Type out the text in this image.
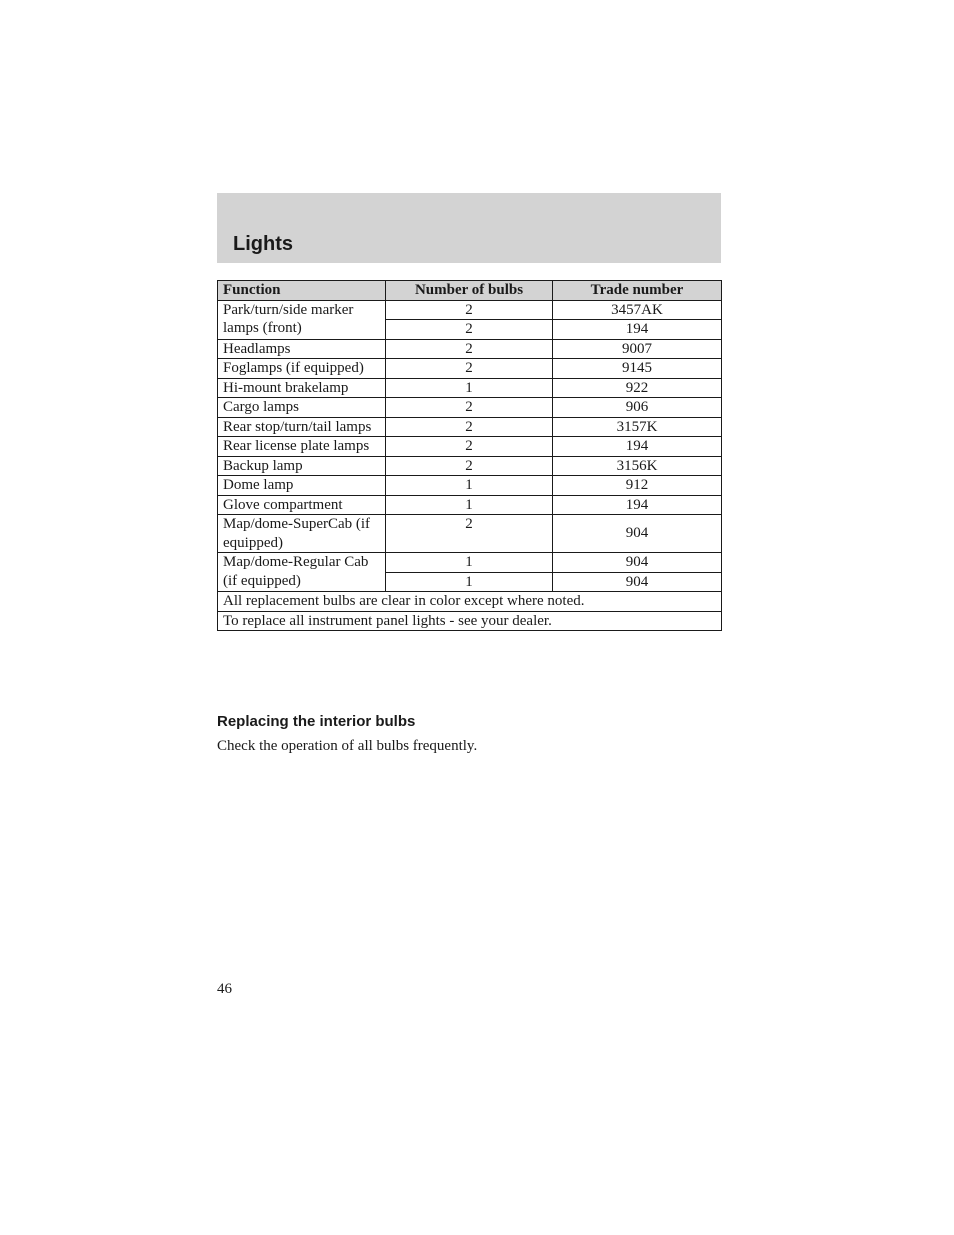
Lights
Function	Number of bulbs	Trade number
Park/turn/side marker lamps (front)	2	3457AK
	2	194
Headlamps	2	9007
Foglamps (if equipped)	2	9145
Hi-mount brakelamp	1	922
Cargo lamps	2	906
Rear stop/turn/tail lamps	2	3157K
Rear license plate lamps	2	194
Backup lamp	2	3156K
Dome lamp	1	912
Glove compartment	1	194
Map/dome-SuperCab (if equipped)	2	904
Map/dome-Regular Cab (if equipped)	1	904
	1	904
All replacement bulbs are clear in color except where noted.		
To replace all instrument panel lights - see your dealer.		
Replacing the interior bulbs
Check the operation of all bulbs frequently.
46
